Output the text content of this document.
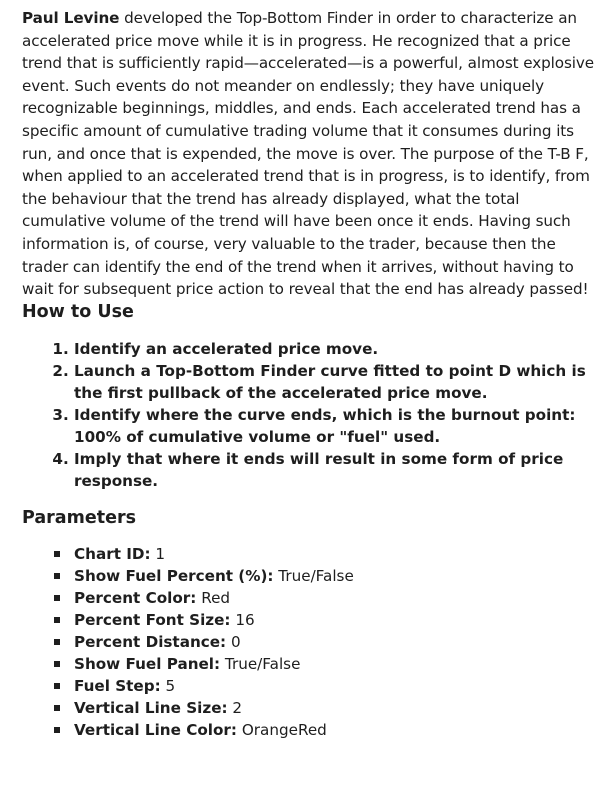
Paul Levine developed the Top-Bottom Finder in order to characterize an accelerated price move while it is in progress. He recognized that a price trend that is sufficiently rapid—accelerated—is a powerful, almost explosive event. Such events do not meander on endlessly; they have uniquely recognizable beginnings, middles, and ends. Each accelerated trend has a specific amount of cumulative trading volume that it consumes during its run, and once that is expended, the move is over. The purpose of the T-B F, when applied to an accelerated trend that is in progress, is to identify, from the behaviour that the trend has already displayed, what the total cumulative volume of the trend will have been once it ends. Having such information is, of course, very valuable to the trader, because then the trader can identify the end of the trend when it arrives, without having to wait for subsequent price action to reveal that the end has already passed!

How to Use
1. Identify an accelerated price move.
2. Launch a Top-Bottom Finder curve fitted to point D which is the first pullback of the accelerated price move.
3. Identify where the curve ends, which is the burnout point: 100% of cumulative volume or "fuel" used.
4. Imply that where it ends will result in some form of price response.
Parameters
Chart ID: 1
Show Fuel Percent (%): True/False
Percent Color: Red
Percent Font Size: 16
Percent Distance: 0
Show Fuel Panel: True/False
Fuel Step: 5
Vertical Line Size: 2
Vertical Line Color: OrangeRed
